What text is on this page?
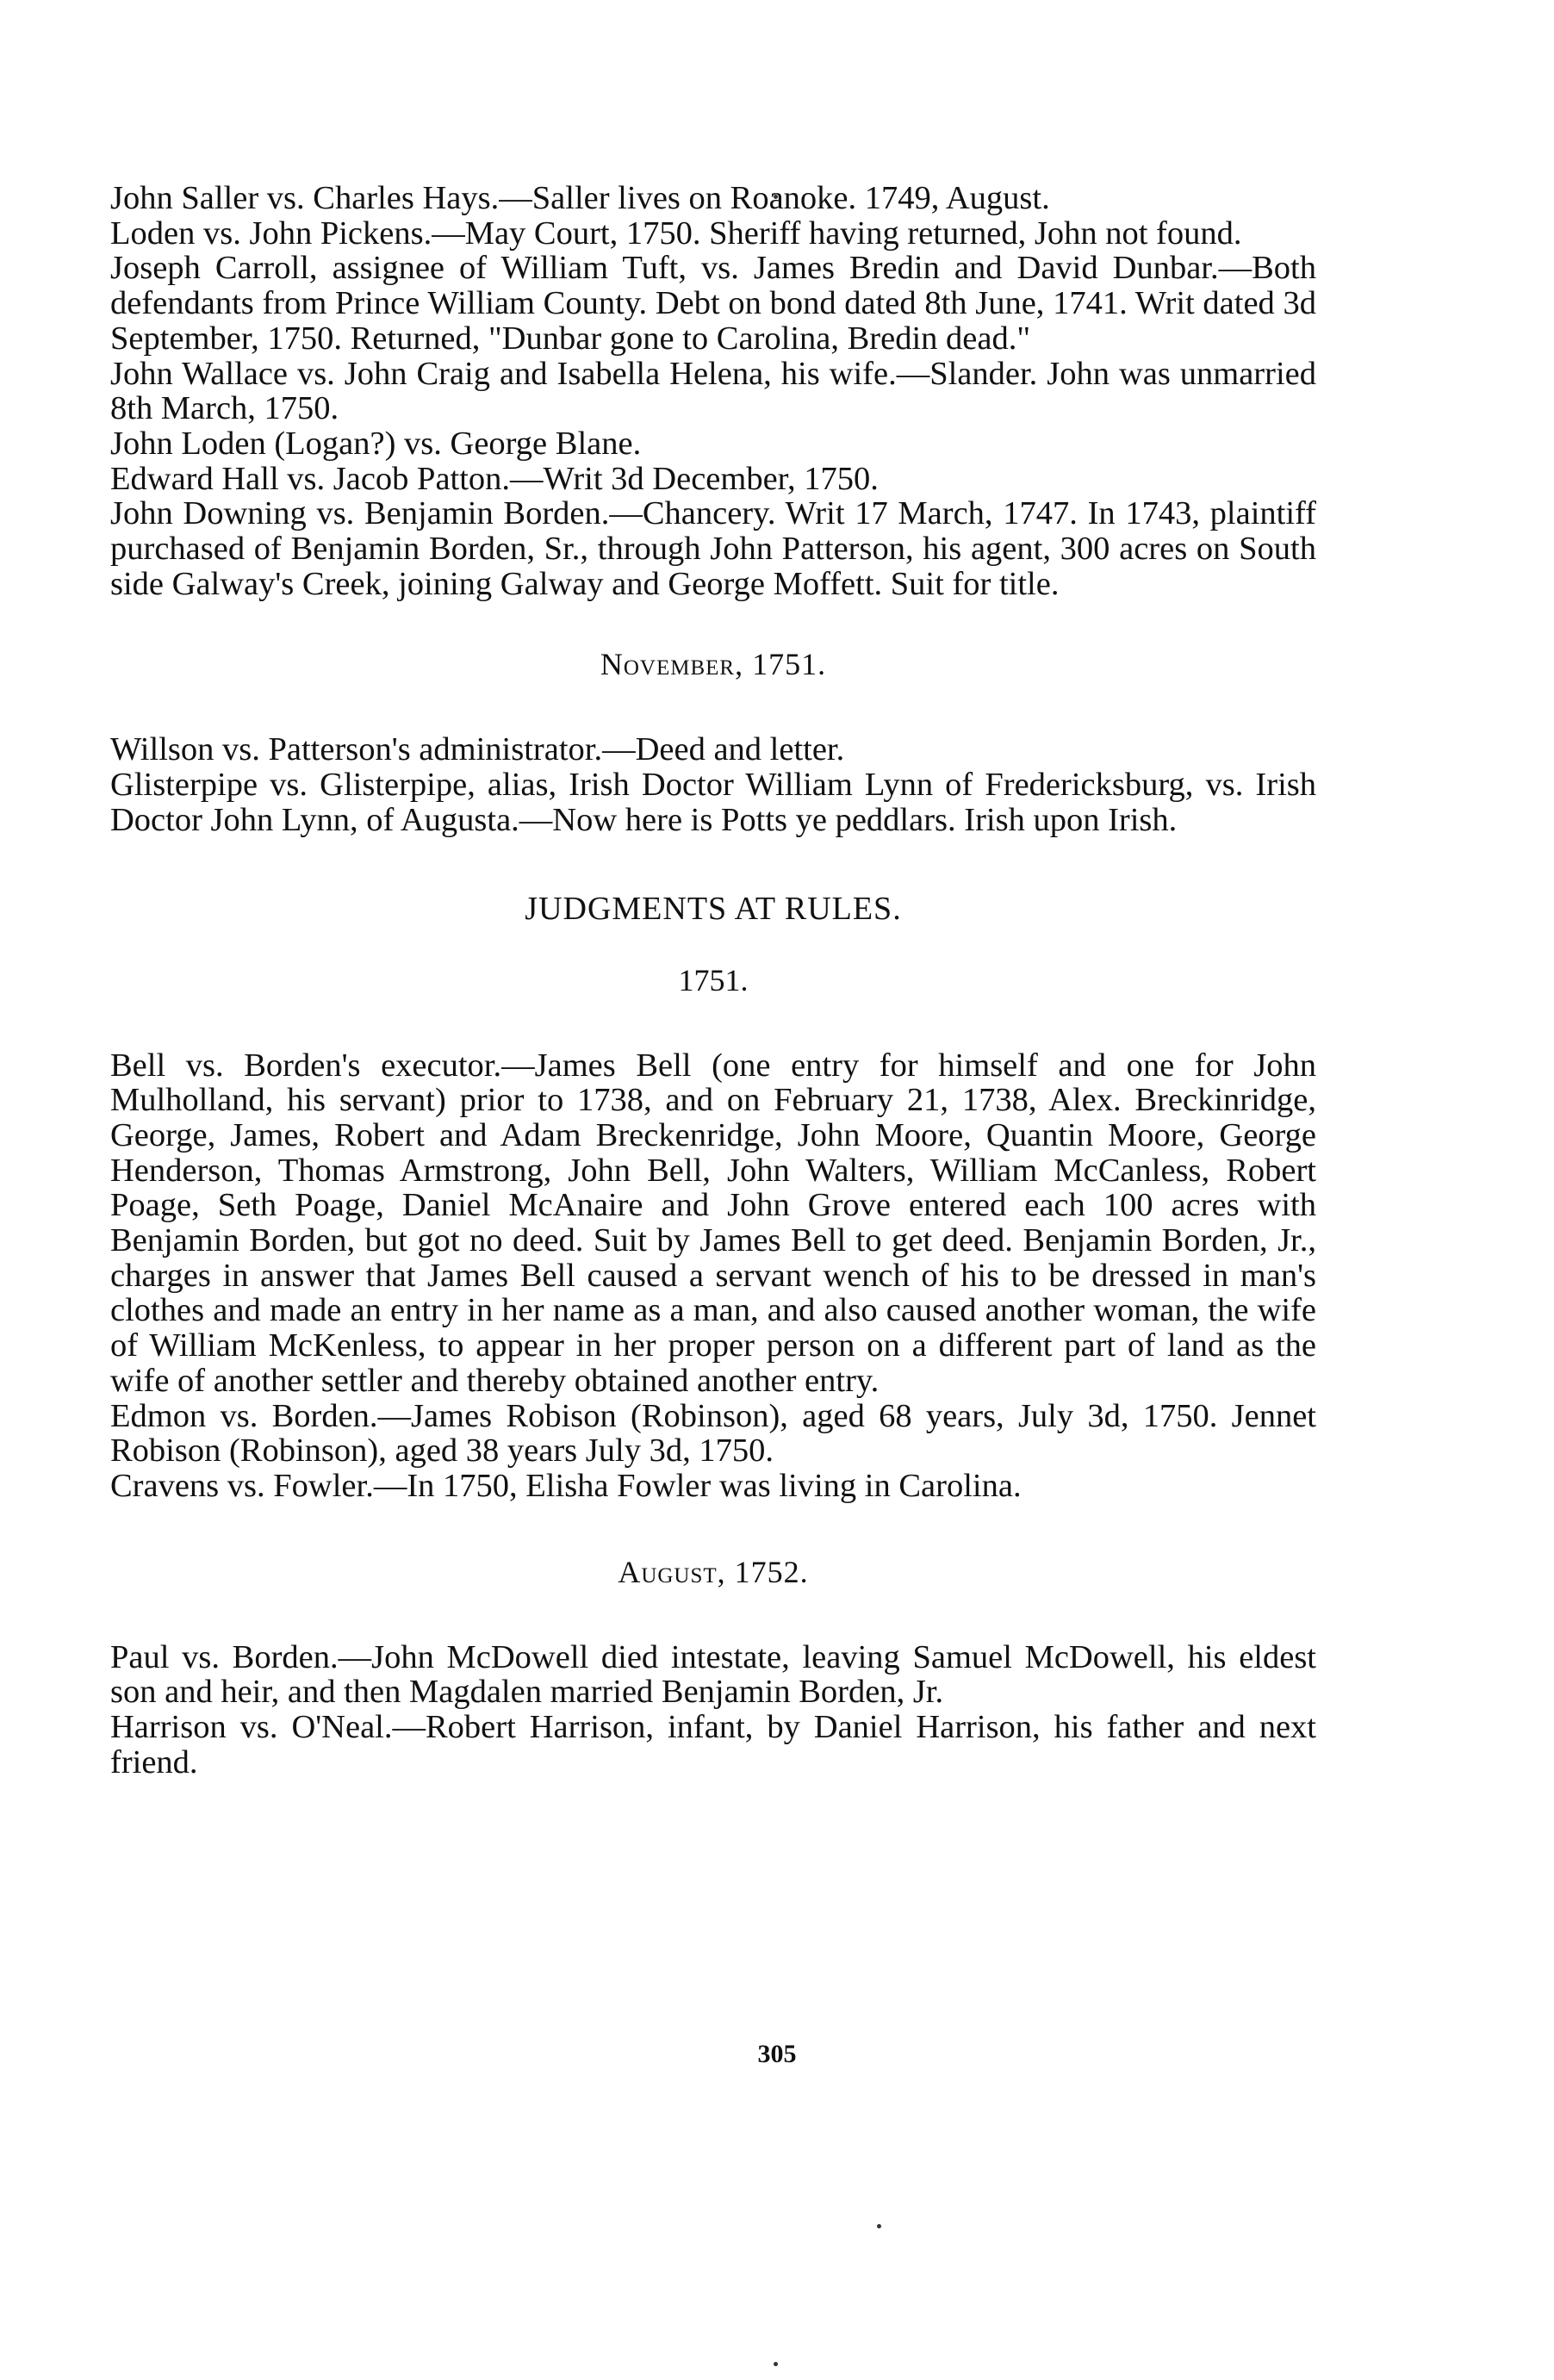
John Saller vs. Charles Hays.—Saller lives on Roanoke. 1749, August.

Loden vs. John Pickens.—May Court, 1750. Sheriff having returned, John not found.

Joseph Carroll, assignee of William Tuft, vs. James Bredin and David Dunbar.—Both defendants from Prince William County. Debt on bond dated 8th June, 1741. Writ dated 3d September, 1750. Returned, "Dunbar gone to Carolina, Bredin dead."

John Wallace vs. John Craig and Isabella Helena, his wife.—Slander. John was unmarried 8th March, 1750.

John Loden (Logan?) vs. George Blane.

Edward Hall vs. Jacob Patton.—Writ 3d December, 1750.

John Downing vs. Benjamin Borden.—Chancery. Writ 17 March, 1747. In 1743, plaintiff purchased of Benjamin Borden, Sr., through John Patterson, his agent, 300 acres on South side Galway's Creek, joining Galway and George Moffett. Suit for title.

November, 1751.

Willson vs. Patterson's administrator.—Deed and letter.

Glisterpipe vs. Glisterpipe, alias, Irish Doctor William Lynn of Fredericksburg, vs. Irish Doctor John Lynn, of Augusta.—Now here is Potts ye peddlars. Irish upon Irish.

JUDGMENTS AT RULES.

1751.

Bell vs. Borden's executor.—James Bell (one entry for himself and one for John Mulholland, his servant) prior to 1738, and on February 21, 1738, Alex. Breckinridge, George, James, Robert and Adam Breckenridge, John Moore, Quantin Moore, George Henderson, Thomas Armstrong, John Bell, John Walters, William McCanless, Robert Poage, Seth Poage, Daniel McAnaire and John Grove entered each 100 acres with Benjamin Borden, but got no deed. Suit by James Bell to get deed. Benjamin Borden, Jr., charges in answer that James Bell caused a servant wench of his to be dressed in man's clothes and made an entry in her name as a man, and also caused another woman, the wife of William McKenless, to appear in her proper person on a different part of land as the wife of another settler and thereby obtained another entry.

Edmon vs. Borden.—James Robison (Robinson), aged 68 years, July 3d, 1750. Jennet Robison (Robinson), aged 38 years July 3d, 1750.

Cravens vs. Fowler.—In 1750, Elisha Fowler was living in Carolina.

August, 1752.

Paul vs. Borden.—John McDowell died intestate, leaving Samuel McDowell, his eldest son and heir, and then Magdalen married Benjamin Borden, Jr.

Harrison vs. O'Neal.—Robert Harrison, infant, by Daniel Harrison, his father and next friend.

305
